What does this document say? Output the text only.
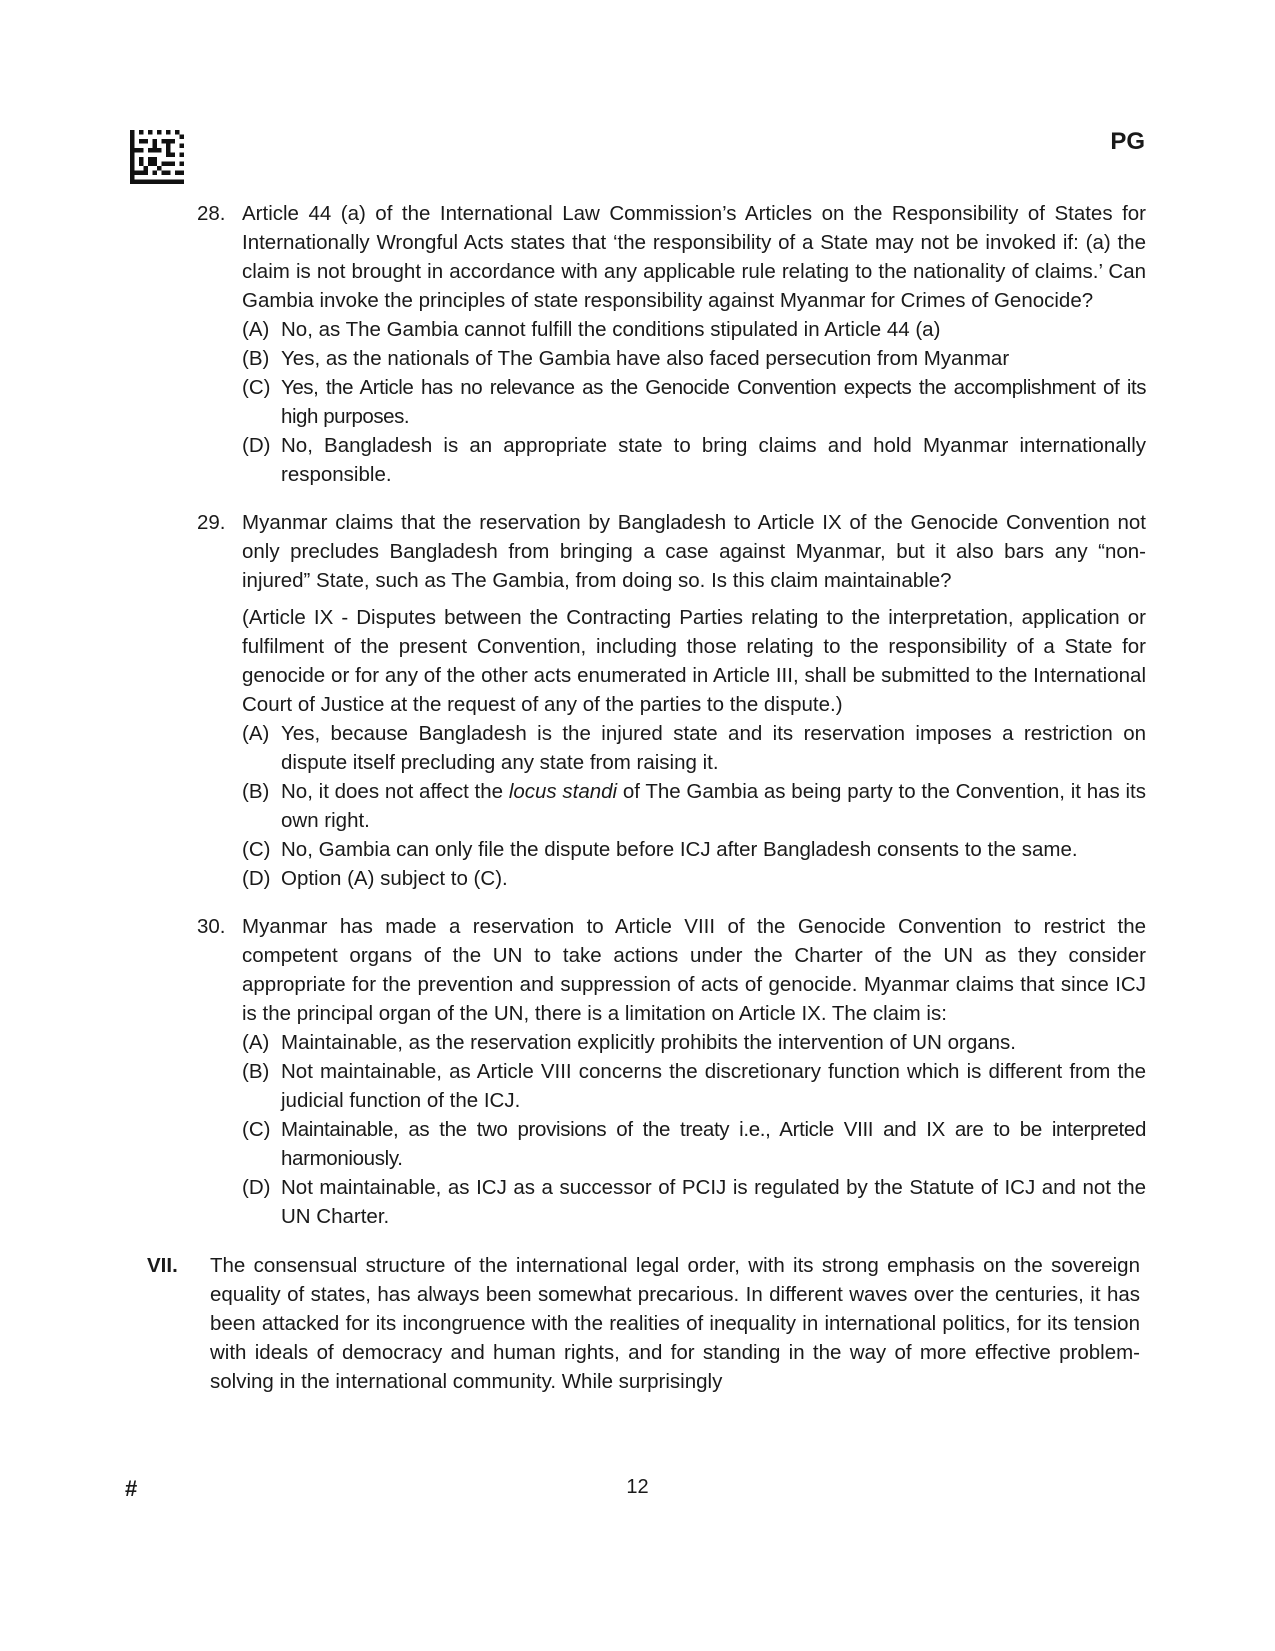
PG
28. Article 44 (a) of the International Law Commission’s Articles on the Responsibility of States for Internationally Wrongful Acts states that ‘the responsibility of a State may not be invoked if: (a) the claim is not brought in accordance with any applicable rule relating to the nationality of claims.’ Can Gambia invoke the principles of state responsibility against Myanmar for Crimes of Genocide?
(A) No, as The Gambia cannot fulfill the conditions stipulated in Article 44 (a)
(B) Yes, as the nationals of The Gambia have also faced persecution from Myanmar
(C) Yes, the Article has no relevance as the Genocide Convention expects the accomplishment of its high purposes.
(D) No, Bangladesh is an appropriate state to bring claims and hold Myanmar internationally responsible.
29. Myanmar claims that the reservation by Bangladesh to Article IX of the Genocide Convention not only precludes Bangladesh from bringing a case against Myanmar, but it also bars any “non-injured” State, such as The Gambia, from doing so. Is this claim maintainable?
(Article IX - Disputes between the Contracting Parties relating to the interpretation, application or fulfilment of the present Convention, including those relating to the responsibility of a State for genocide or for any of the other acts enumerated in Article III, shall be submitted to the International Court of Justice at the request of any of the parties to the dispute.)
(A) Yes, because Bangladesh is the injured state and its reservation imposes a restriction on dispute itself precluding any state from raising it.
(B) No, it does not affect the locus standi of The Gambia as being party to the Convention, it has its own right.
(C) No, Gambia can only file the dispute before ICJ after Bangladesh consents to the same.
(D) Option (A) subject to (C).
30. Myanmar has made a reservation to Article VIII of the Genocide Convention to restrict the competent organs of the UN to take actions under the Charter of the UN as they consider appropriate for the prevention and suppression of acts of genocide. Myanmar claims that since ICJ is the principal organ of the UN, there is a limitation on Article IX. The claim is:
(A) Maintainable, as the reservation explicitly prohibits the intervention of UN organs.
(B) Not maintainable, as Article VIII concerns the discretionary function which is different from the judicial function of the ICJ.
(C) Maintainable, as the two provisions of the treaty i.e., Article VIII and IX are to be interpreted harmoniously.
(D) Not maintainable, as ICJ as a successor of PCIJ is regulated by the Statute of ICJ and not the UN Charter.
VII. The consensual structure of the international legal order, with its strong emphasis on the sovereign equality of states, has always been somewhat precarious. In different waves over the centuries, it has been attacked for its incongruence with the realities of inequality in international politics, for its tension with ideals of democracy and human rights, and for standing in the way of more effective problem-solving in the international community. While surprisingly
#	12
